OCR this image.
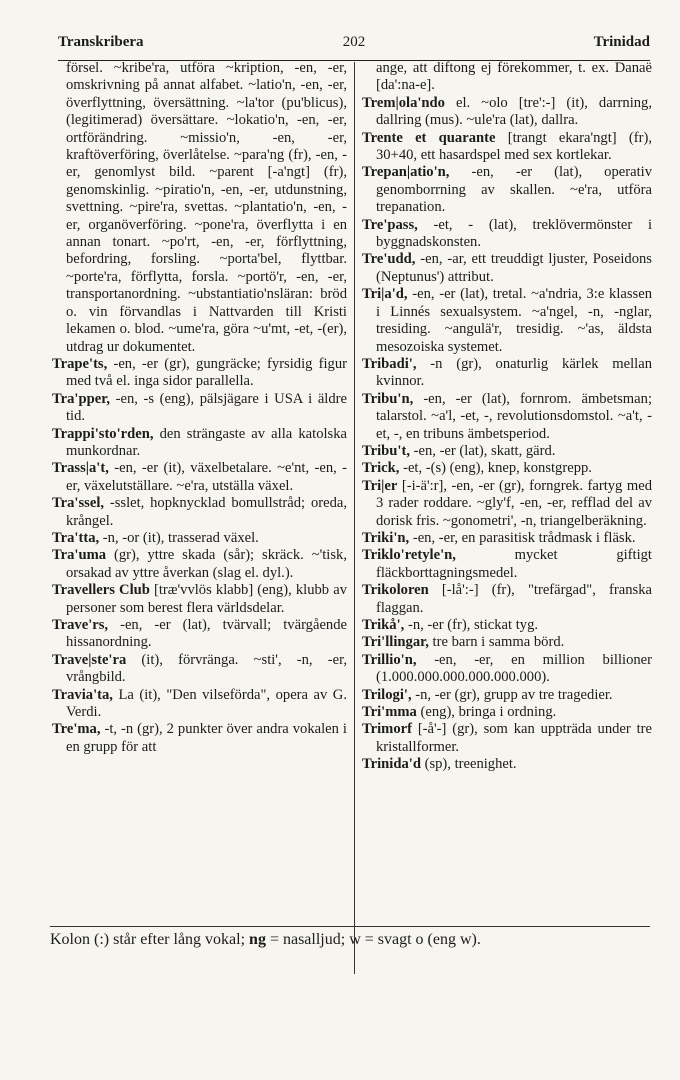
Transkribera	202	Trinidad

försel. ~kribe'ra, utföra ~kription, -en, -er, omskrivning på annat alfabet. ~latio'n, -en, -er, överflyttning, översättning. ~la'tor (pu'blicus), (legitimerad) översättare. ~lokatio'n, -en, -er, ortförändring. ~missio'n, -en, -er, kraftöverföring, överlåtelse. ~para'ng (fr), -en, -er, genomlyst bild. ~parent [-a'ngt] (fr), genomskinlig. ~piratio'n, -en, -er, utdunstning, svettning. ~pire'ra, svettas. ~plantatio'n, -en, -er, organöverföring. ~pone'ra, överflytta i en annan tonart. ~po'rt, -en, -er, förflyttning, befordring, forsling. ~porta'bel, flyttbar. ~porte'ra, förflytta, forsla. ~portö'r, -en, -er, transportanordning. ~ubstantiatio'nsläran: bröd o. vin förvandlas i Nattvarden till Kristi lekamen o. blod. ~ume'ra, göra ~u'mt, -et, -(er), utdrag ur dokumentet.

Trape'ts, -en, -er (gr), gungräcke; fyrsidig figur med två el. inga sidor parallella.

Tra'pper, -en, -s (eng), pälsjägare i USA i äldre tid.

Trappi'sto'rden, den strängaste av alla katolska munkordnar.

Trass|a't, -en, -er (it), växelbetalare. ~e'nt, -en, -er, växelutställare. ~e'ra, utställa växel.

Tra'ssel, -sslet, hopknycklad bomullstråd; oreda, krångel.

Tra'tta, -n, -or (it), trasserad växel.

Tra'uma (gr), yttre skada (sår); skräck. ~'tisk, orsakad av yttre åverkan (slag el. dyl.).

Travellers Club [træ'vvlös klabb] (eng), klubb av personer som berest flera världsdelar.

Trave'rs, -en, -er (lat), tvärvall; tvärgående hissanordning.

Trave|ste'ra (it), förvränga. ~sti', -n, -er, vrångbild.

Travia'ta, La (it), "Den vilseförda", opera av G. Verdi.

Tre'ma, -t, -n (gr), 2 punkter över andra vokalen i en grupp för att

ange, att diftong ej förekommer, t. ex. Danaë [da':na-e].

Trem|ola'ndo el. ~olo [tre':-] (it), darrning, dallring (mus). ~ule'ra (lat), dallra.

Trente et quarante [trangt ekara'ngt] (fr), 30+40, ett hasardspel med sex kortlekar.

Trepan|atio'n, -en, -er (lat), operativ genomborrning av skallen. ~e'ra, utföra trepanation.

Tre'pass, -et, - (lat), treklövermönster i byggnadskonsten.

Tre'udd, -en, -ar, ett treuddigt ljuster, Poseidons (Neptunus') attribut.

Tri|a'd, -en, -er (lat), tretal. ~a'ndria, 3:e klassen i Linnés sexualsystem. ~a'ngel, -n, -nglar, tresiding. ~angulä'r, tresidig. ~'as, äldsta mesozoiska systemet.

Tribadi', -n (gr), onaturlig kärlek mellan kvinnor.

Tribu'n, -en, -er (lat), fornrom. ämbetsman; talarstol. ~a'l, -et, -, revolutionsdomstol. ~a't, -et, -, en tribuns ämbetsperiod.

Tribu't, -en, -er (lat), skatt, gärd.

Trick, -et, -(s) (eng), knep, konstgrepp.

Tri|er [-i-ä':r], -en, -er (gr), forngrek. fartyg med 3 rader roddare. ~gly'f, -en, -er, refflad del av dorisk fris. ~gonometri', -n, triangelberäkning.

Triki'n, -en, -er, en parasitisk trådmask i fläsk.

Triklo'retyle'n, mycket giftigt fläckborttagningsmedel.

Trikoloren [-lå':-] (fr), "trefärgad", franska flaggan.

Trikå', -n, -er (fr), stickat tyg.

Tri'llingar, tre barn i samma börd.

Trillio'n, -en, -er, en million billioner (1.000.000.000.000.000.000).

Trilogi', -n, -er (gr), grupp av tre tragedier.

Tri'mma (eng), bringa i ordning.

Trimorf [-å'-] (gr), som kan uppträda under tre kristallformer.

Trinida'd (sp), treenighet.

Kolon (:) står efter lång vokal; ng = nasalljud; w = svagt o (eng w).
